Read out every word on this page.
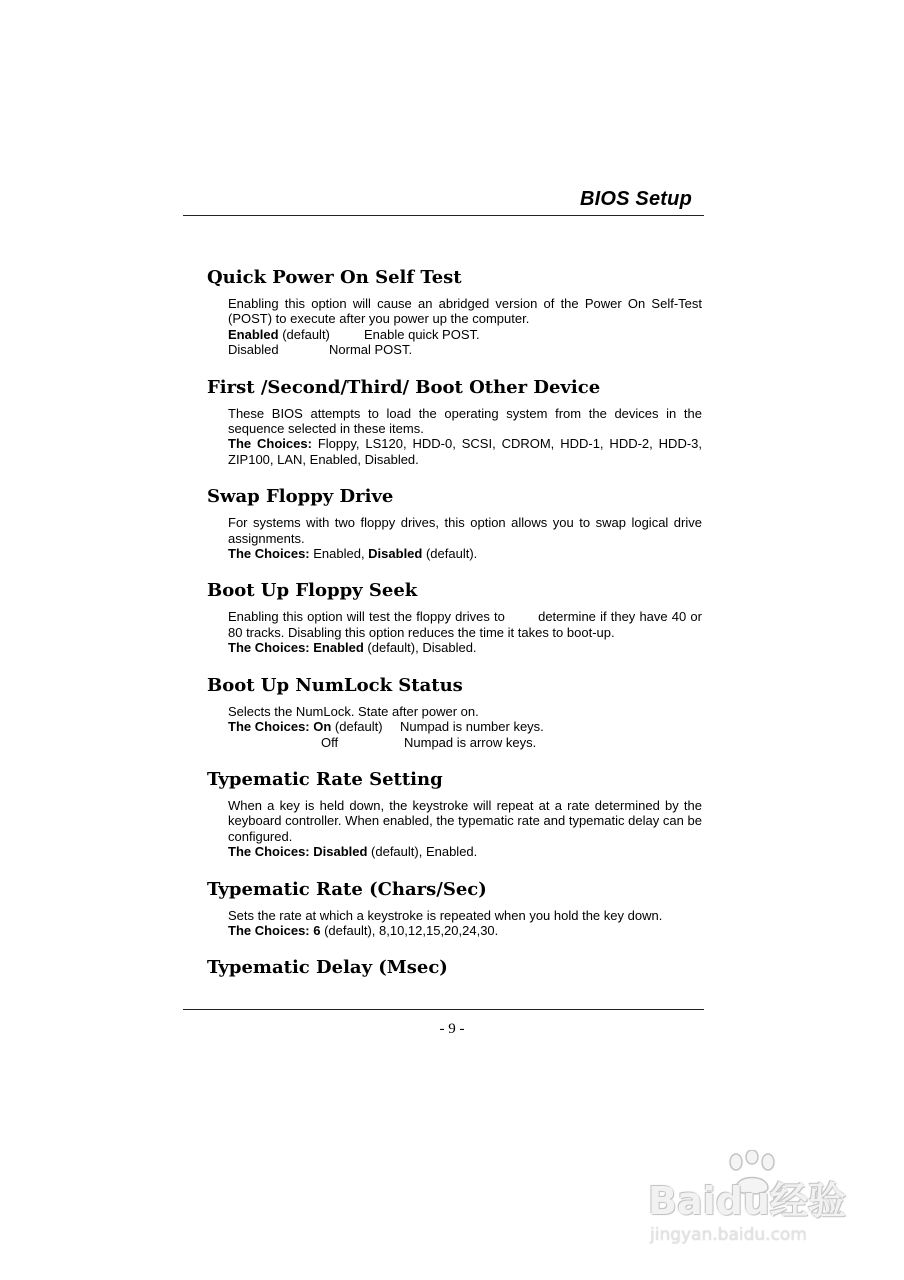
BIOS Setup
Quick Power On Self Test

Enabling this option will cause an abridged version of the Power On Self-Test (POST) to execute after you power up the computer.

Enabled (default)	Enable quick POST.
Disabled	Normal POST.
First /Second/Third/ Boot Other Device

These BIOS attempts to load the operating system from the devices in the sequence selected in these items.

The Choices: Floppy, LS120, HDD-0, SCSI, CDROM, HDD-1, HDD-2, HDD-3, ZIP100, LAN, Enabled, Disabled.

Swap Floppy Drive

For systems with two floppy drives, this option allows you to swap logical drive assignments.

The Choices: Enabled, Disabled (default).

Boot Up Floppy Seek

Enabling this option will test the floppy drives to        determine if they have 40 or 80 tracks. Disabling this option reduces the time it takes to boot-up.

The Choices: Enabled (default), Disabled.

Boot Up NumLock Status

Selects the NumLock. State after power on.

The Choices: On (default)	Numpad is number keys.
Off	Numpad is arrow keys.
Typematic Rate Setting

When a key is held down, the keystroke will repeat at a rate determined by the keyboard controller. When enabled, the typematic rate and typematic delay can be configured.

The Choices: Disabled (default), Enabled.

Typematic Rate (Chars/Sec)

Sets the rate at which a keystroke is repeated when you hold the key down.

The Choices: 6 (default), 8,10,12,15,20,24,30.

Typematic Delay (Msec)
- 9 -
Baidu经验
jingyan.baidu.com
